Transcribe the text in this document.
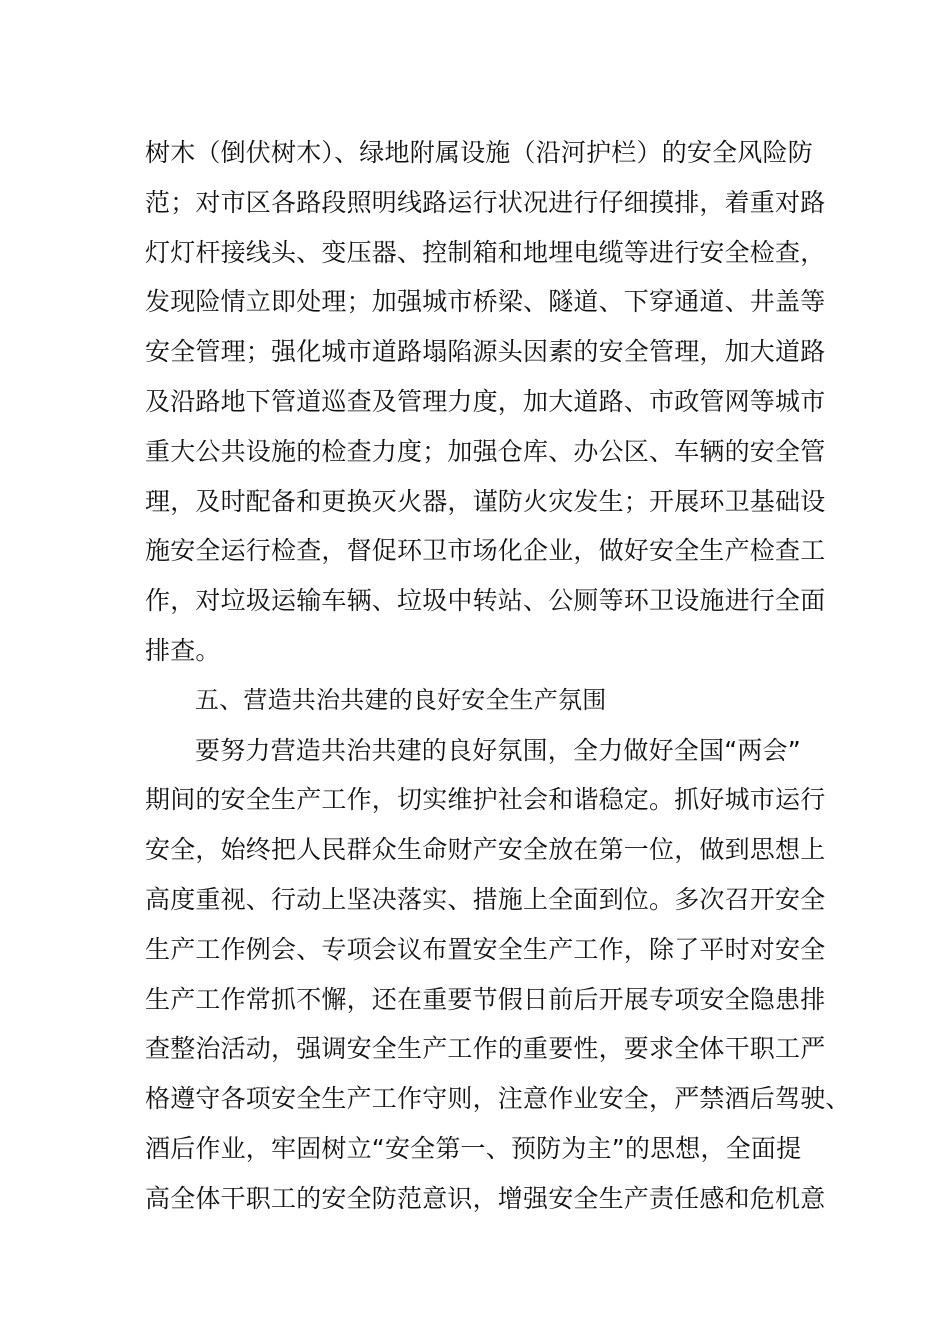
树木（倒伏树木）、绿地附属设施（沿河护栏）的安全风险防
范；对市区各路段照明线路运行状况进行仔细摸排，着重对路
灯灯杆接线头、变压器、控制箱和地埋电缆等进行安全检查，
发现险情立即处理；加强城市桥梁、隧道、下穿通道、井盖等
安全管理；强化城市道路塌陷源头因素的安全管理，加大道路
及沿路地下管道巡查及管理力度，加大道路、市政管网等城市
重大公共设施的检查力度；加强仓库、办公区、车辆的安全管
理，及时配备和更换灭火器，谨防火灾发生；开展环卫基础设
施安全运行检查，督促环卫市场化企业，做好安全生产检查工
作，对垃圾运输车辆、垃圾中转站、公厕等环卫设施进行全面
排查。
五、营造共治共建的良好安全生产氛围
要努力营造共治共建的良好氛围，全力做好全国“两会”
期间的安全生产工作，切实维护社会和谐稳定。抓好城市运行
安全，始终把人民群众生命财产安全放在第一位，做到思想上
高度重视、行动上坚决落实、措施上全面到位。多次召开安全
生产工作例会、专项会议布置安全生产工作，除了平时对安全
生产工作常抓不懈，还在重要节假日前后开展专项安全隐患排
查整治活动，强调安全生产工作的重要性，要求全体干职工严
格遵守各项安全生产工作守则，注意作业安全，严禁酒后驾驶、
酒后作业，牢固树立“安全第一、预防为主”的思想，全面提
高全体干职工的安全防范意识，增强安全生产责任感和危机意
